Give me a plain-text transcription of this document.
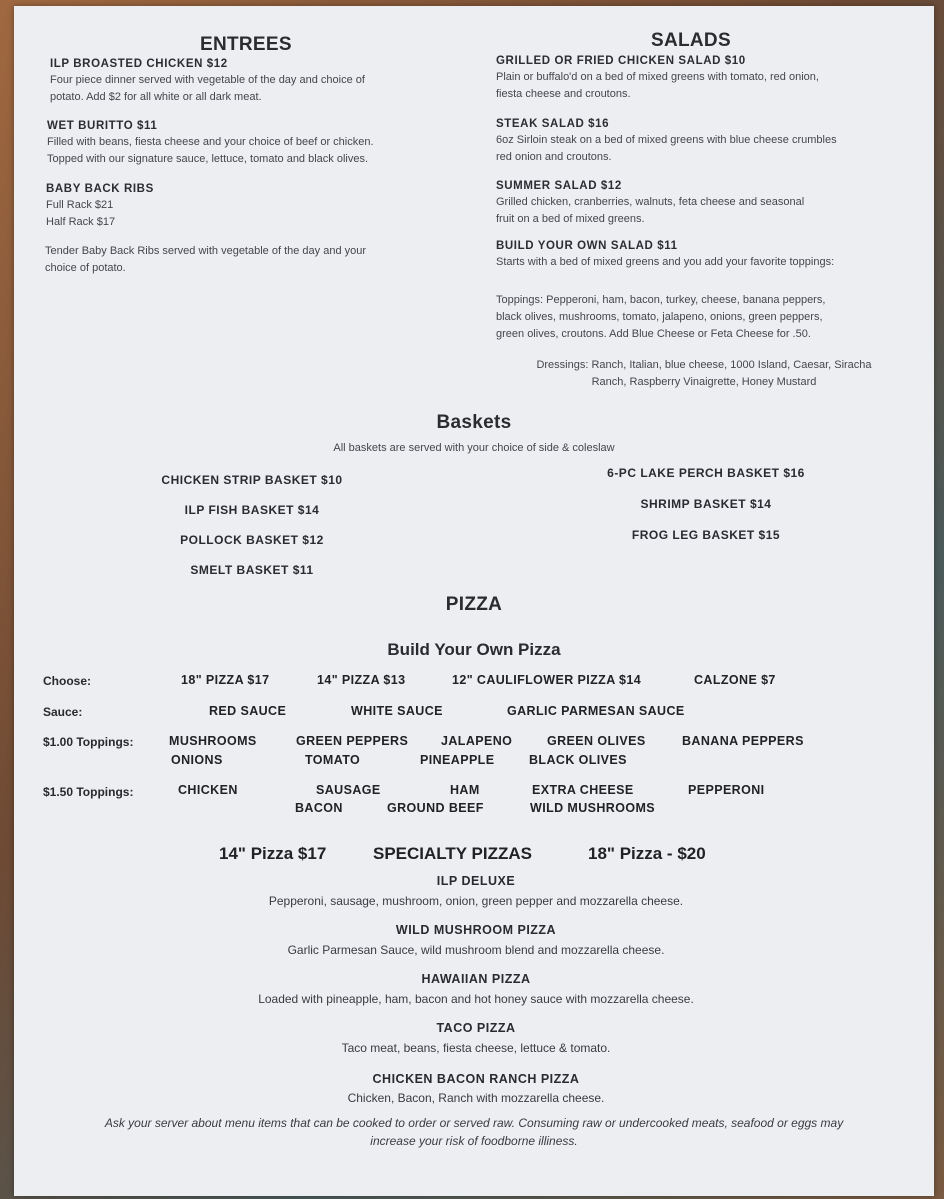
ENTREES
ILP BROASTED CHICKEN $12
Four piece dinner served with vegetable of the day and choice of
potato. Add $2 for all white or all dark meat.
WET BURITTO $11
Filled with beans, fiesta cheese and your choice of beef or chicken.
Topped with our signature sauce, lettuce, tomato and black olives.
BABY BACK RIBS
Full Rack $21
Half Rack $17
Tender Baby Back Ribs served with vegetable of the day and your
choice of potato.
SALADS
GRILLED OR FRIED CHICKEN SALAD $10
Plain or buffalo'd on a bed of mixed greens with tomato, red onion,
fiesta cheese and croutons.
STEAK SALAD $16
6oz Sirloin steak on a bed of mixed greens with blue cheese crumbles
red onion and croutons.
SUMMER SALAD $12
Grilled chicken, cranberries, walnuts, feta cheese and seasonal
fruit on a bed of mixed greens.
BUILD YOUR OWN SALAD $11
Starts with a bed of mixed greens and you add your favorite toppings:
Toppings: Pepperoni, ham, bacon, turkey, cheese, banana peppers,
black olives, mushrooms, tomato, jalapeno, onions, green peppers,
green olives, croutons. Add Blue Cheese or Feta Cheese for .50.
Dressings: Ranch, Italian, blue cheese, 1000 Island, Caesar, Siracha
Ranch, Raspberry Vinaigrette, Honey Mustard
Baskets
All baskets are served with your choice of side & coleslaw
CHICKEN STRIP BASKET $10
ILP FISH BASKET $14
POLLOCK BASKET $12
SMELT BASKET $11
6-PC LAKE PERCH BASKET $16
SHRIMP BASKET $14
FROG LEG BASKET $15
PIZZA
Build Your Own Pizza
Choose:	18" PIZZA $17	14" PIZZA $13	12" CAULIFLOWER PIZZA $14	CALZONE $7
Sauce:	RED SAUCE	WHITE SAUCE	GARLIC PARMESAN SAUCE
$1.00 Toppings:	MUSHROOMS	GREEN PEPPERS	JALAPENO	GREEN OLIVES	BANANA PEPPERS
ONIONS	TOMATO	PINEAPPLE	BLACK OLIVES
$1.50 Toppings:	CHICKEN	SAUSAGE	HAM	EXTRA CHEESE	PEPPERONI
BACON	GROUND BEEF	WILD MUSHROOMS
14" Pizza $17	SPECIALTY PIZZAS	18" Pizza - $20
ILP DELUXE
Pepperoni, sausage, mushroom, onion, green pepper and mozzarella cheese.
WILD MUSHROOM PIZZA
Garlic Parmesan Sauce, wild mushroom blend and mozzarella cheese.
HAWAIIAN PIZZA
Loaded with pineapple, ham, bacon and hot honey sauce with mozzarella cheese.
TACO PIZZA
Taco meat, beans, fiesta cheese, lettuce & tomato.
CHICKEN BACON RANCH PIZZA
Chicken, Bacon, Ranch with mozzarella cheese.
Ask your server about menu items that can be cooked to order or served raw. Consuming raw or undercooked meats, seafood or eggs may
increase your risk of foodborne illiness.
